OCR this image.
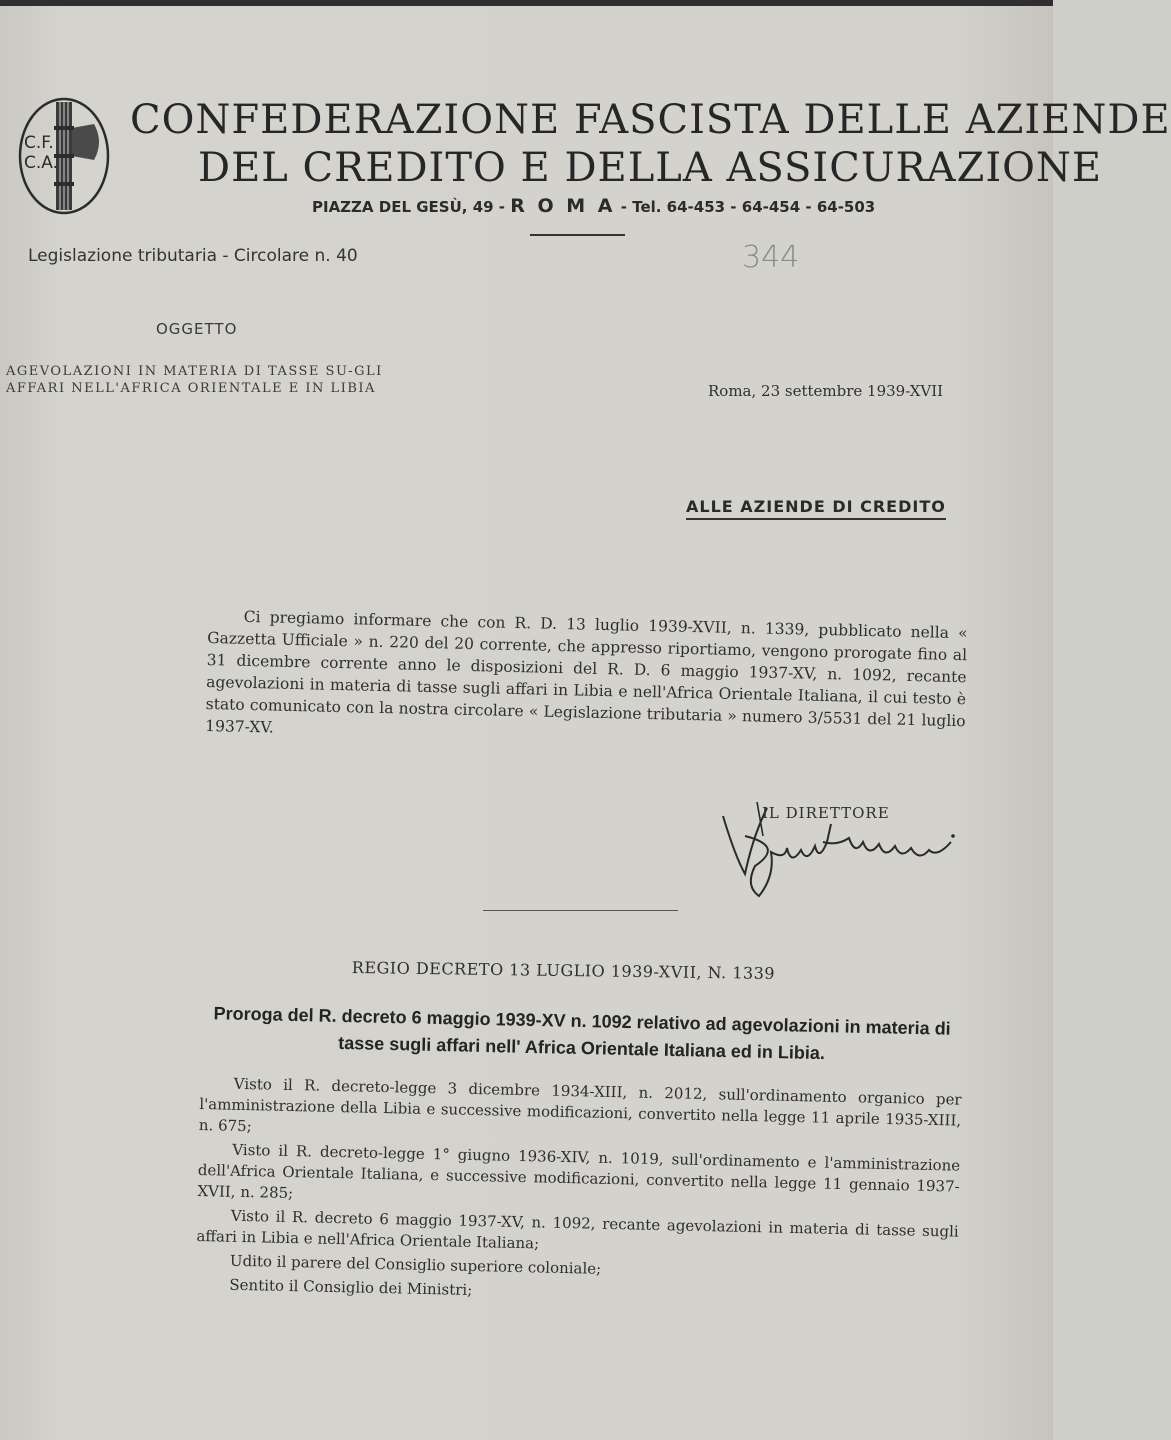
C.F.
C.A.
CONFEDERAZIONE FASCISTA DELLE AZIENDE
DEL CREDITO E DELLA ASSICURAZIONE
PIAZZA DEL GESÙ, 49 - R O M A - Tel. 64-453 - 64-454 - 64-503
Legislazione tributaria - Circolare n. 40	344
OGGETTO
AGEVOLAZIONI IN MATERIA DI TASSE SU-GLI AFFARI NELL'AFRICA ORIENTALE E IN LIBIA	Roma, 23 settembre 1939-XVII
ALLE AZIENDE DI CREDITO
Ci pregiamo informare che con R. D. 13 luglio 1939-XVII, n. 1339, pubblicato nella « Gazzetta Ufficiale » n. 220 del 20 corrente, che appresso riportiamo, vengono prorogate fino al 31 dicembre corrente anno le disposizioni del R. D. 6 maggio 1937-XV, n. 1092, recante agevolazioni in materia di tasse sugli affari in Libia e nell'Africa Orientale Italiana, il cui testo è stato comunicato con la nostra circolare « Legislazione tributaria » numero 3/5531 del 21 luglio 1937-XV.
IL DIRETTORE
REGIO DECRETO 13 LUGLIO 1939-XVII, N. 1339
Proroga del R. decreto 6 maggio 1939-XV n. 1092 relativo ad agevolazioni in materia di tasse sugli affari nell' Africa Orientale Italiana ed in Libia.

Visto il R. decreto-legge 3 dicembre 1934-XIII, n. 2012, sull'ordinamento organico per l'amministrazione della Libia e successive modificazioni, convertito nella legge 11 aprile 1935-XIII, n. 675;

Visto il R. decreto-legge 1° giugno 1936-XIV, n. 1019, sull'ordinamento e l'amministrazione dell'Africa Orientale Italiana, e successive modificazioni, convertito nella legge 11 gennaio 1937-XVII, n. 285;

Visto il R. decreto 6 maggio 1937-XV, n. 1092, recante agevolazioni in materia di tasse sugli affari in Libia e nell'Africa Orientale Italiana;

Udito il parere del Consiglio superiore coloniale;

Sentito il Consiglio dei Ministri;
